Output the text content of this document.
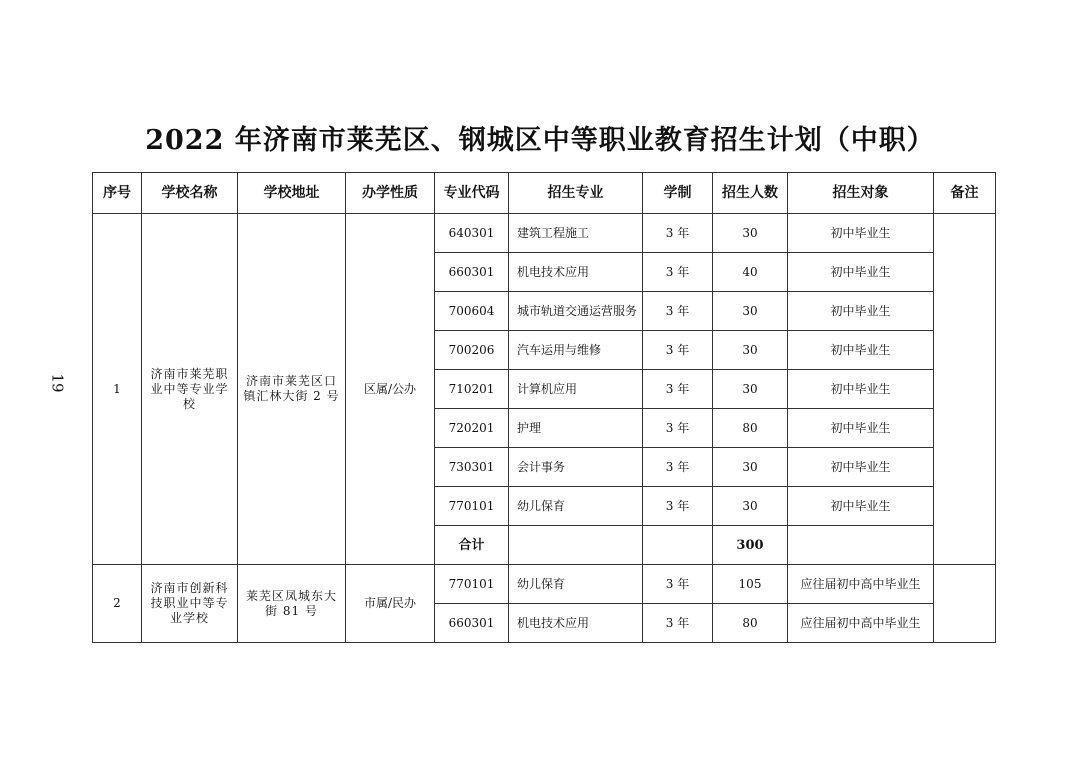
2022 年济南市莱芜区、钢城区中等职业教育招生计划（中职）
19
序号	学校名称	学校地址	办学性质	专业代码	招生专业	学制	招生人数	招生对象	备注
1	济南市莱芜职业中等专业学校	济南市莱芜区口镇汇林大街 2 号	区属/公办	640301	建筑工程施工	3 年	30	初中毕业生	
				660301	机电技术应用	3 年	40	初中毕业生	
				700604	城市轨道交通运营服务	3 年	30	初中毕业生	
				700206	汽车运用与维修	3 年	30	初中毕业生	
				710201	计算机应用	3 年	30	初中毕业生	
				720201	护理	3 年	80	初中毕业生	
				730301	会计事务	3 年	30	初中毕业生	
				770101	幼儿保育	3 年	30	初中毕业生	
				合计			300		
2	济南市创新科技职业中等专业学校	莱芜区凤城东大街 81 号	市属/民办	770101	幼儿保育	3 年	105	应往届初中高中毕业生	
				660301	机电技术应用	3 年	80	应往届初中高中毕业生	
